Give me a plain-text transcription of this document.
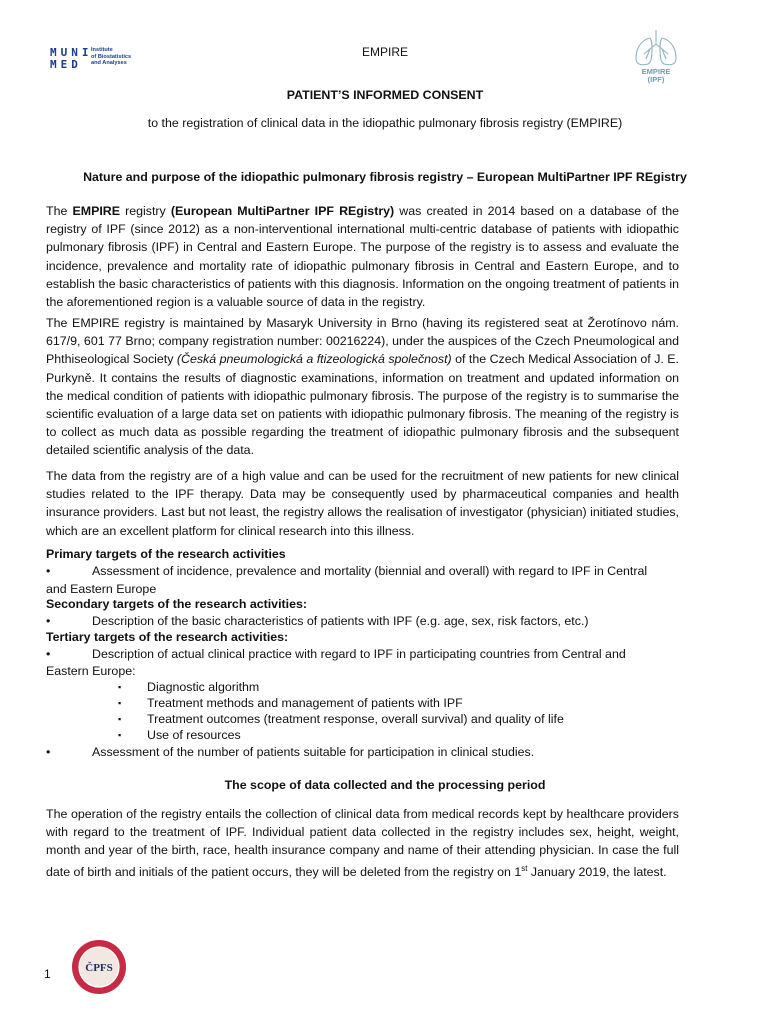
MUNI
MED
Institute
of Biostatistics
and Analyses
EMPIRE
EMPIRE
(IPF)
PATIENT’S INFORMED CONSENT
to the registration of clinical data in the idiopathic pulmonary fibrosis registry (EMPIRE)
Nature and purpose of the idiopathic pulmonary fibrosis registry – European MultiPartner IPF REgistry
The EMPIRE registry (European MultiPartner IPF REgistry) was created in 2014 based on a database of the registry of IPF (since 2012) as a non-interventional international multi-centric database of patients with idiopathic pulmonary fibrosis (IPF) in Central and Eastern Europe. The purpose of the registry is to assess and evaluate the incidence, prevalence and mortality rate of idiopathic pulmonary fibrosis in Central and Eastern Europe, and to establish the basic characteristics of patients with this diagnosis. Information on the ongoing treatment of patients in the aforementioned region is a valuable source of data in the registry.
The EMPIRE registry is maintained by Masaryk University in Brno (having its registered seat at Žerotínovo nám. 617/9, 601 77 Brno; company registration number: 00216224), under the auspices of the Czech Pneumological and Phthiseological Society (Česká pneumologická a ftizeologická společnost) of the Czech Medical Association of J. E. Purkyně. It contains the results of diagnostic examinations, information on treatment and updated information on the medical condition of patients with idiopathic pulmonary fibrosis. The purpose of the registry is to summarise the scientific evaluation of a large data set on patients with idiopathic pulmonary fibrosis. The meaning of the registry is to collect as much data as possible regarding the treatment of idiopathic pulmonary fibrosis and the subsequent detailed scientific analysis of the data.
The data from the registry are of a high value and can be used for the recruitment of new patients for new clinical studies related to the IPF therapy. Data may be consequently used by pharmaceutical companies and health insurance providers. Last but not least, the registry allows the realisation of investigator (physician) initiated studies, which are an excellent platform for clinical research into this illness.
Primary targets of the research activities
•	Assessment of incidence, prevalence and mortality (biennial and overall) with regard to IPF in Central
and Eastern Europe
Secondary targets of the research activities:
•	Description of the basic characteristics of patients with IPF (e.g. age, sex, risk factors, etc.)
Tertiary targets of the research activities:
•	Description of actual clinical practice with regard to IPF in participating countries from Central and
Eastern Europe:
▪ Diagnostic algorithm
▪ Treatment methods and management of patients with IPF
▪ Treatment outcomes (treatment response, overall survival) and quality of life
▪ Use of resources
•	Assessment of the number of patients suitable for participation in clinical studies.
The scope of data collected and the processing period
The operation of the registry entails the collection of clinical data from medical records kept by healthcare providers with regard to the treatment of IPF. Individual patient data collected in the registry includes sex, height, weight, month and year of the birth, race, health insurance company and name of their attending physician. In case the full date of birth and initials of the patient occurs, they will be deleted from the registry on 1st January 2019, the latest.
1	ČPFS
